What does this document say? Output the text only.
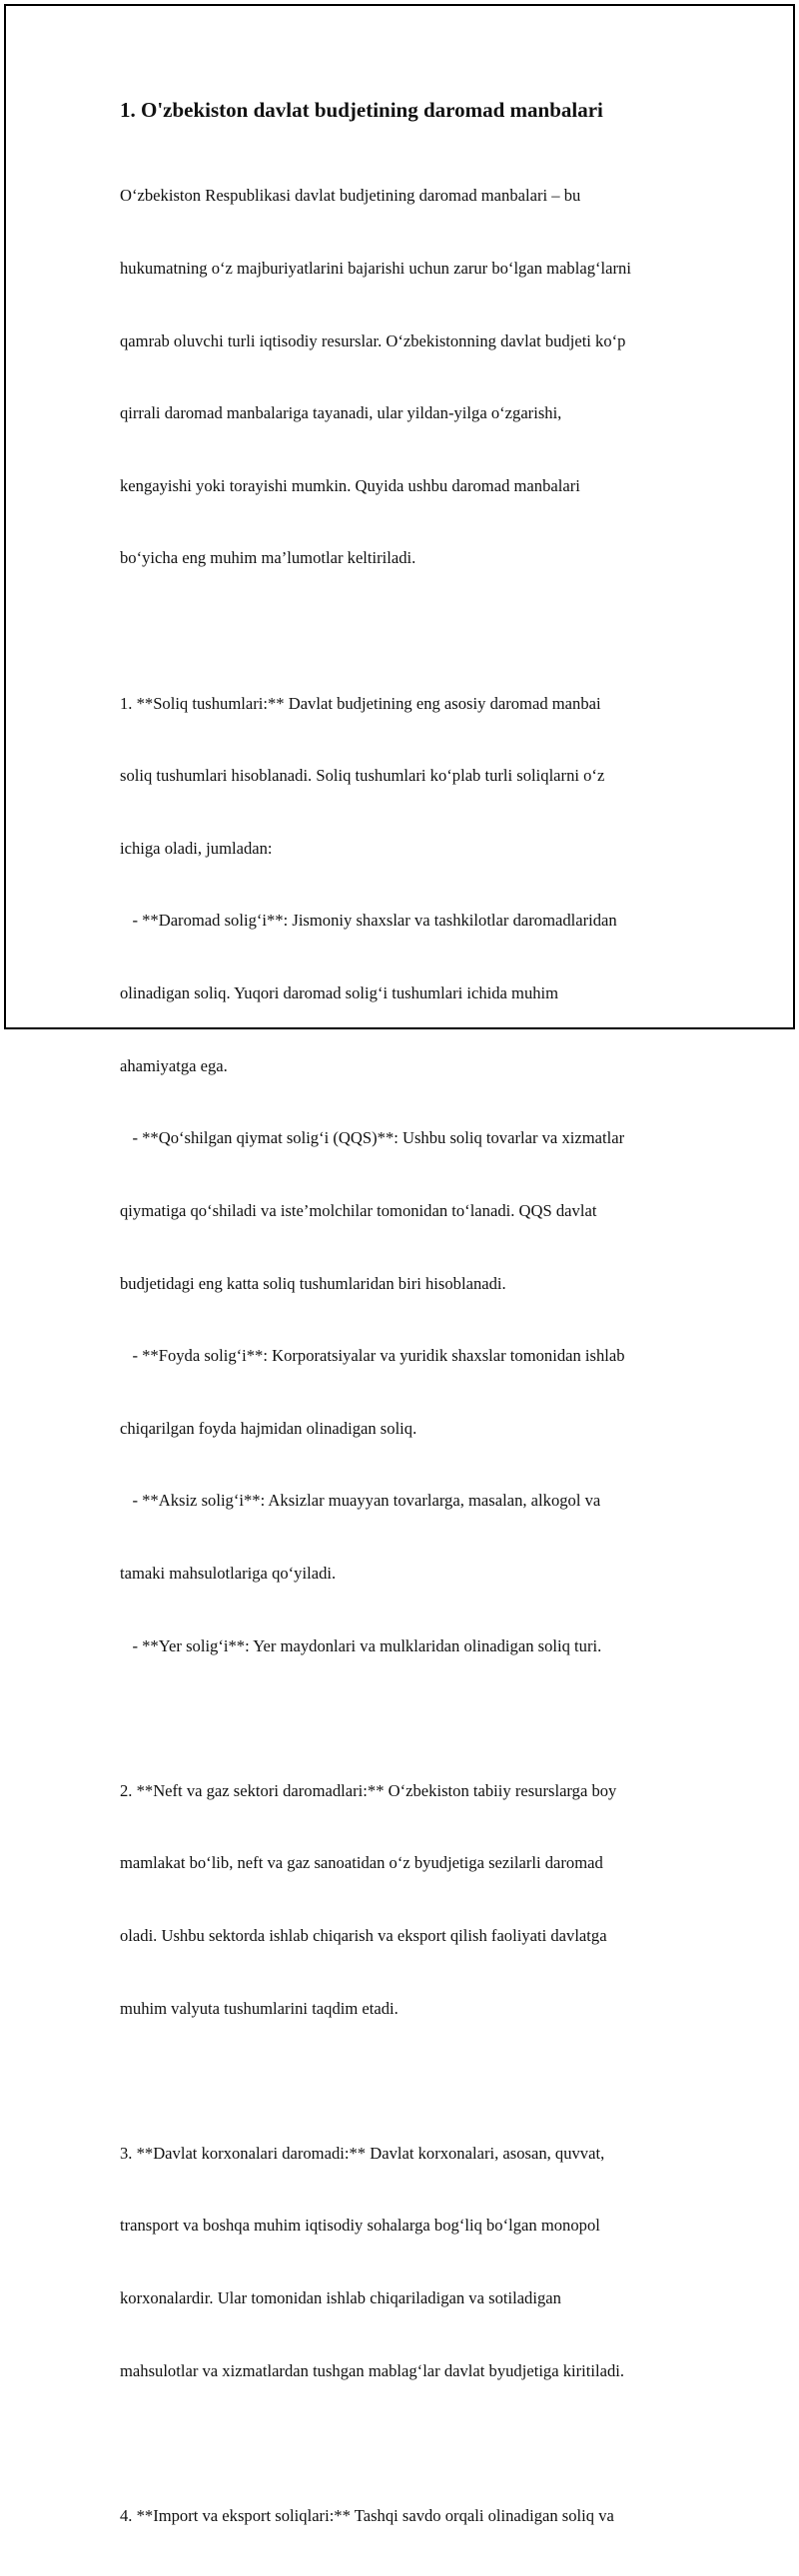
1. O'zbekiston davlat budjetining daromad manbalari

O‘zbekiston Respublikasi davlat budjetining daromad manbalari – bu

hukumatning o‘z majburiyatlarini bajarishi uchun zarur bo‘lgan mablag‘larni

qamrab oluvchi turli iqtisodiy resurslar. O‘zbekistonning davlat budjeti ko‘p

qirrali daromad manbalariga tayanadi, ular yildan-yilga o‘zgarishi,

kengayishi yoki torayishi mumkin. Quyida ushbu daromad manbalari

bo‘yicha eng muhim ma’lumotlar keltiriladi.

1. **Soliq tushumlari:** Davlat budjetining eng asosiy daromad manbai

soliq tushumlari hisoblanadi. Soliq tushumlari ko‘plab turli soliqlarni o‘z

ichiga oladi, jumladan:

- **Daromad solig‘i**: Jismoniy shaxslar va tashkilotlar daromadlaridan

olinadigan soliq. Yuqori daromad solig‘i tushumlari ichida muhim

ahamiyatga ega.

- **Qo‘shilgan qiymat solig‘i (QQS)**: Ushbu soliq tovarlar va xizmatlar

qiymatiga qo‘shiladi va iste’molchilar tomonidan to‘lanadi. QQS davlat

budjetidagi eng katta soliq tushumlaridan biri hisoblanadi.

- **Foyda solig‘i**: Korporatsiyalar va yuridik shaxslar tomonidan ishlab

chiqarilgan foyda hajmidan olinadigan soliq.

- **Aksiz solig‘i**: Aksizlar muayyan tovarlarga, masalan, alkogol va

tamaki mahsulotlariga qo‘yiladi.

- **Yer solig‘i**: Yer maydonlari va mulklaridan olinadigan soliq turi.

2. **Neft va gaz sektori daromadlari:** O‘zbekiston tabiiy resurslarga boy

mamlakat bo‘lib, neft va gaz sanoatidan o‘z byudjetiga sezilarli daromad

oladi. Ushbu sektorda ishlab chiqarish va eksport qilish faoliyati davlatga

muhim valyuta tushumlarini taqdim etadi.

3. **Davlat korxonalari daromadi:** Davlat korxonalari, asosan, quvvat,

transport va boshqa muhim iqtisodiy sohalarga bog‘liq bo‘lgan monopol

korxonalardir. Ular tomonidan ishlab chiqariladigan va sotiladigan

mahsulotlar va xizmatlardan tushgan mablag‘lar davlat byudjetiga kiritiladi.

4. **Import va eksport soliqlari:** Tashqi savdo orqali olinadigan soliq va
